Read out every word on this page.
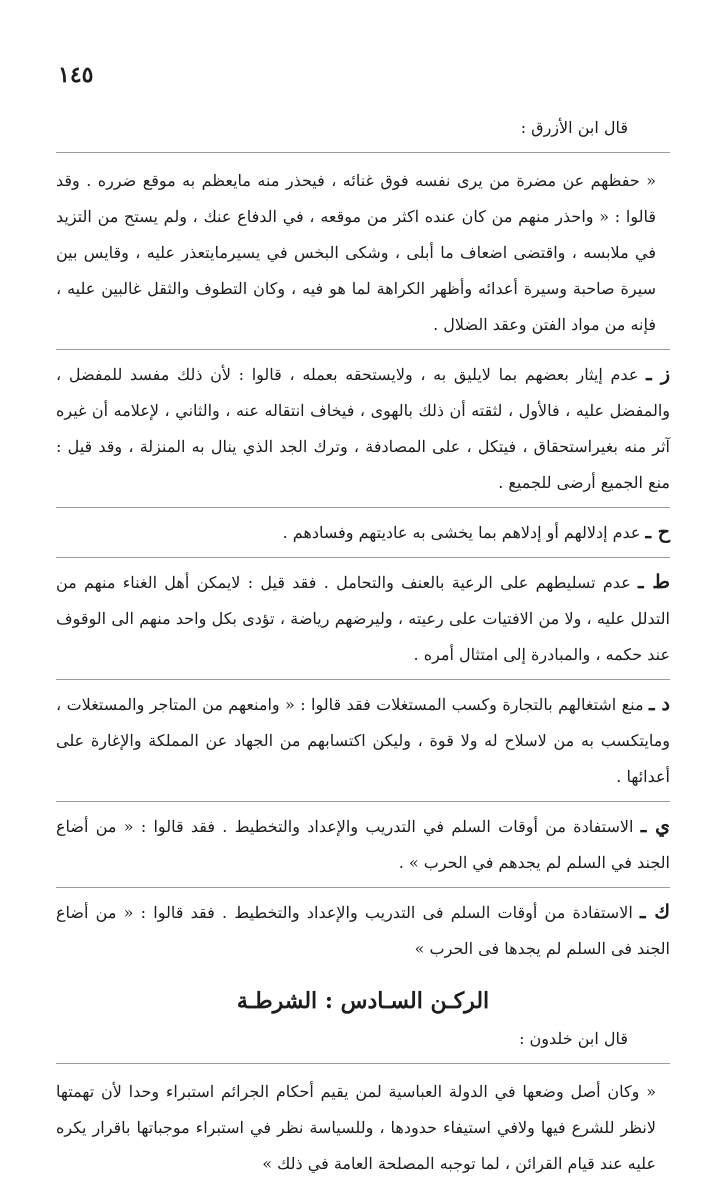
١٤٥
قال ابن الأزرق :

« حفظهم عن مضرة من يرى نفسه فوق غنائه ، فيحذر منه مايعظم به موقع ضرره . وقد قالوا : « واحذر منهم من كان عنده اكثر من موقعه ، في الدفاع عنك ، ولم يستح من التزيد في ملابسه ، واقتضى اضعاف ما أبلى ، وشكى البخس في يسيرمايتعذر عليه ، وقايس بين سيرة صاحبة وسيرة أعدائه وأظهر الكراهة لما هو فيه ، وكان التطوف والثقل غالبين عليه ، فإنه من مواد الفتن وعقد الضلال .

ز ـ عدم إيثار بعضهم بما لايليق به ، ولايستحقه بعمله ، قالوا : لأن ذلك مفسد للمفضل ، والمفضل عليه ، فالأول ، لثقته أن ذلك بالهوى ، فيخاف انتقاله عنه ، والثاني ، لإعلامه أن غيره آثر منه بغيراستحقاق ، فيتكل ، على المصادفة ، وترك الجد الذي ينال به المنزلة ، وقد قيل : منع الجميع أرضى للجميع .

ح ـ عدم إدلالهم أو إدلاهم بما يخشى به عاديتهم وفسادهم .

ط ـ عدم تسليطهم على الرعية بالعنف والتحامل . فقد قيل : لايمكن أهل الغناء منهم من التدلل عليه ، ولا من الافتيات على رعيته ، وليرضهم رياضة ، تؤدى بكل واحد منهم الى الوقوف عند حكمه ، والمبادرة إلى امتثال أمره .

د ـ منع اشتغالهم بالتجارة وكسب المستغلات فقد قالوا : « وامنعهم من المتاجر والمستغلات ، ومايتكسب به من لاسلاح له ولا قوة ، وليكن اكتسابهم من الجهاد عن المملكة والإغارة على أعدائها .

ي ـ الاستفادة من أوقات السلم في التدريب والإعداد والتخطيط . فقد قالوا : « من أضاع الجند في السلم لم يجدهم في الحرب » .

ك ـ الاستفادة من أوقات السلم فى التدريب والإعداد والتخطيط . فقد قالوا : « من أضاع الجند فى السلم لم يجدها فى الحرب »

الركـن السـادس : الشرطـة
قال ابن خلدون :

« وكان أصل وضعها في الدولة العباسية لمن يقيم أحكام الجرائم استبراء وحدا لأن تهمتها لانظر للشرع فيها ولافي استيفاء حدودها ، وللسياسة نظر في استبراء موجباتها باقرار يكره عليه عند قيام القرائن ، لما توجبه المصلحة العامة في ذلك »
